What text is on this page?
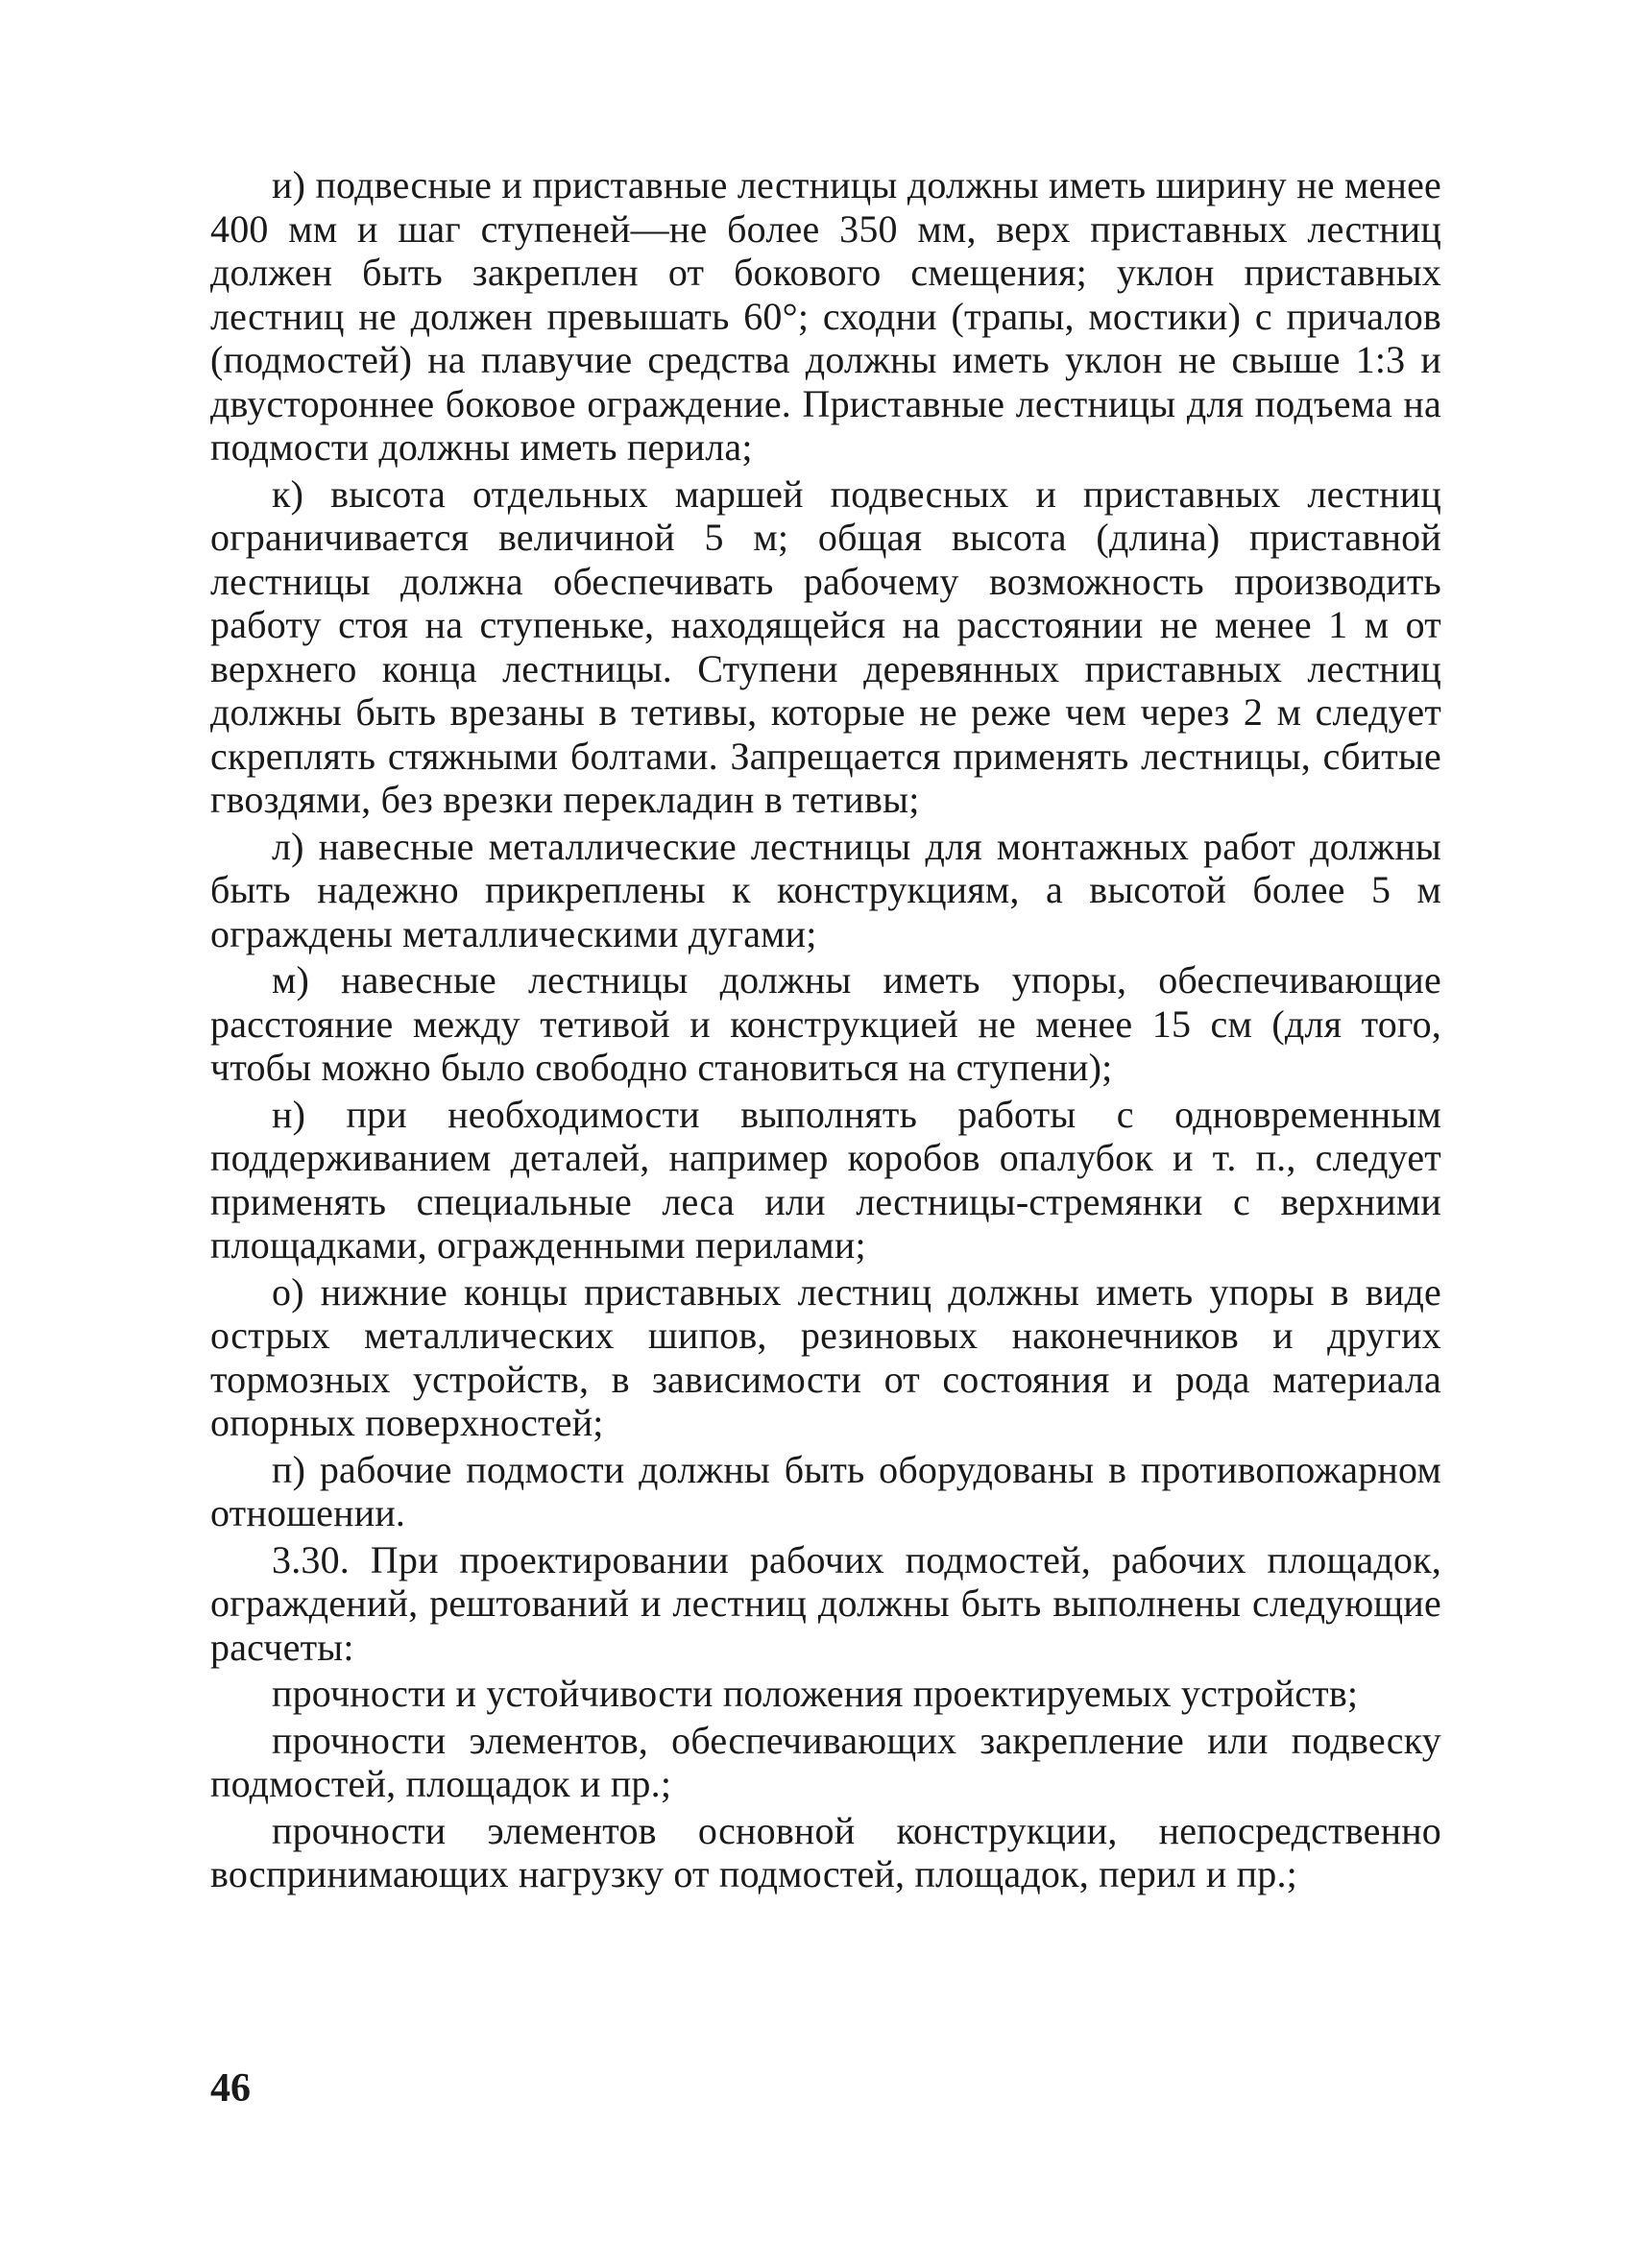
и) подвесные и приставные лестницы должны иметь ширину не менее 400 мм и шаг ступеней—не более 350 мм, верх приставных лестниц должен быть закреплен от бокового смещения; уклон приставных лестниц не должен превышать 60°; сходни (трапы, мостики) с причалов (подмостей) на плавучие средства должны иметь уклон не свыше 1:3 и двустороннее боковое ограждение. Приставные лестницы для подъема на подмости должны иметь перила;

к) высота отдельных маршей подвесных и приставных лестниц ограничивается величиной 5 м; общая высота (длина) приставной лестницы должна обеспечивать рабочему возможность производить работу стоя на ступеньке, находящейся на расстоянии не менее 1 м от верхнего конца лестницы. Ступени деревянных приставных лестниц должны быть врезаны в тетивы, которые не реже чем через 2 м следует скреплять стяжными болтами. Запрещается применять лестницы, сбитые гвоздями, без врезки перекладин в тетивы;

л) навесные металлические лестницы для монтажных работ должны быть надежно прикреплены к конструкциям, а высотой более 5 м ограждены металлическими дугами;

м) навесные лестницы должны иметь упоры, обеспечивающие расстояние между тетивой и конструкцией не менее 15 см (для того, чтобы можно было свободно становиться на ступени);

н) при необходимости выполнять работы с одновременным поддерживанием деталей, например коробов опалубок и т. п., следует применять специальные леса или лестницы-стремянки с верхними площадками, огражденными перилами;

о) нижние концы приставных лестниц должны иметь упоры в виде острых металлических шипов, резиновых наконечников и других тормозных устройств, в зависимости от состояния и рода материала опорных поверхностей;

п) рабочие подмости должны быть оборудованы в противопожарном отношении.

3.30. При проектировании рабочих подмостей, рабочих площадок, ограждений, рештований и лестниц должны быть выполнены следующие расчеты:

прочности и устойчивости положения проектируемых устройств;

прочности элементов, обеспечивающих закрепление или подвеску подмостей, площадок и пр.;

прочности элементов основной конструкции, непосредственно воспринимающих нагрузку от подмостей, площадок, перил и пр.;

46
